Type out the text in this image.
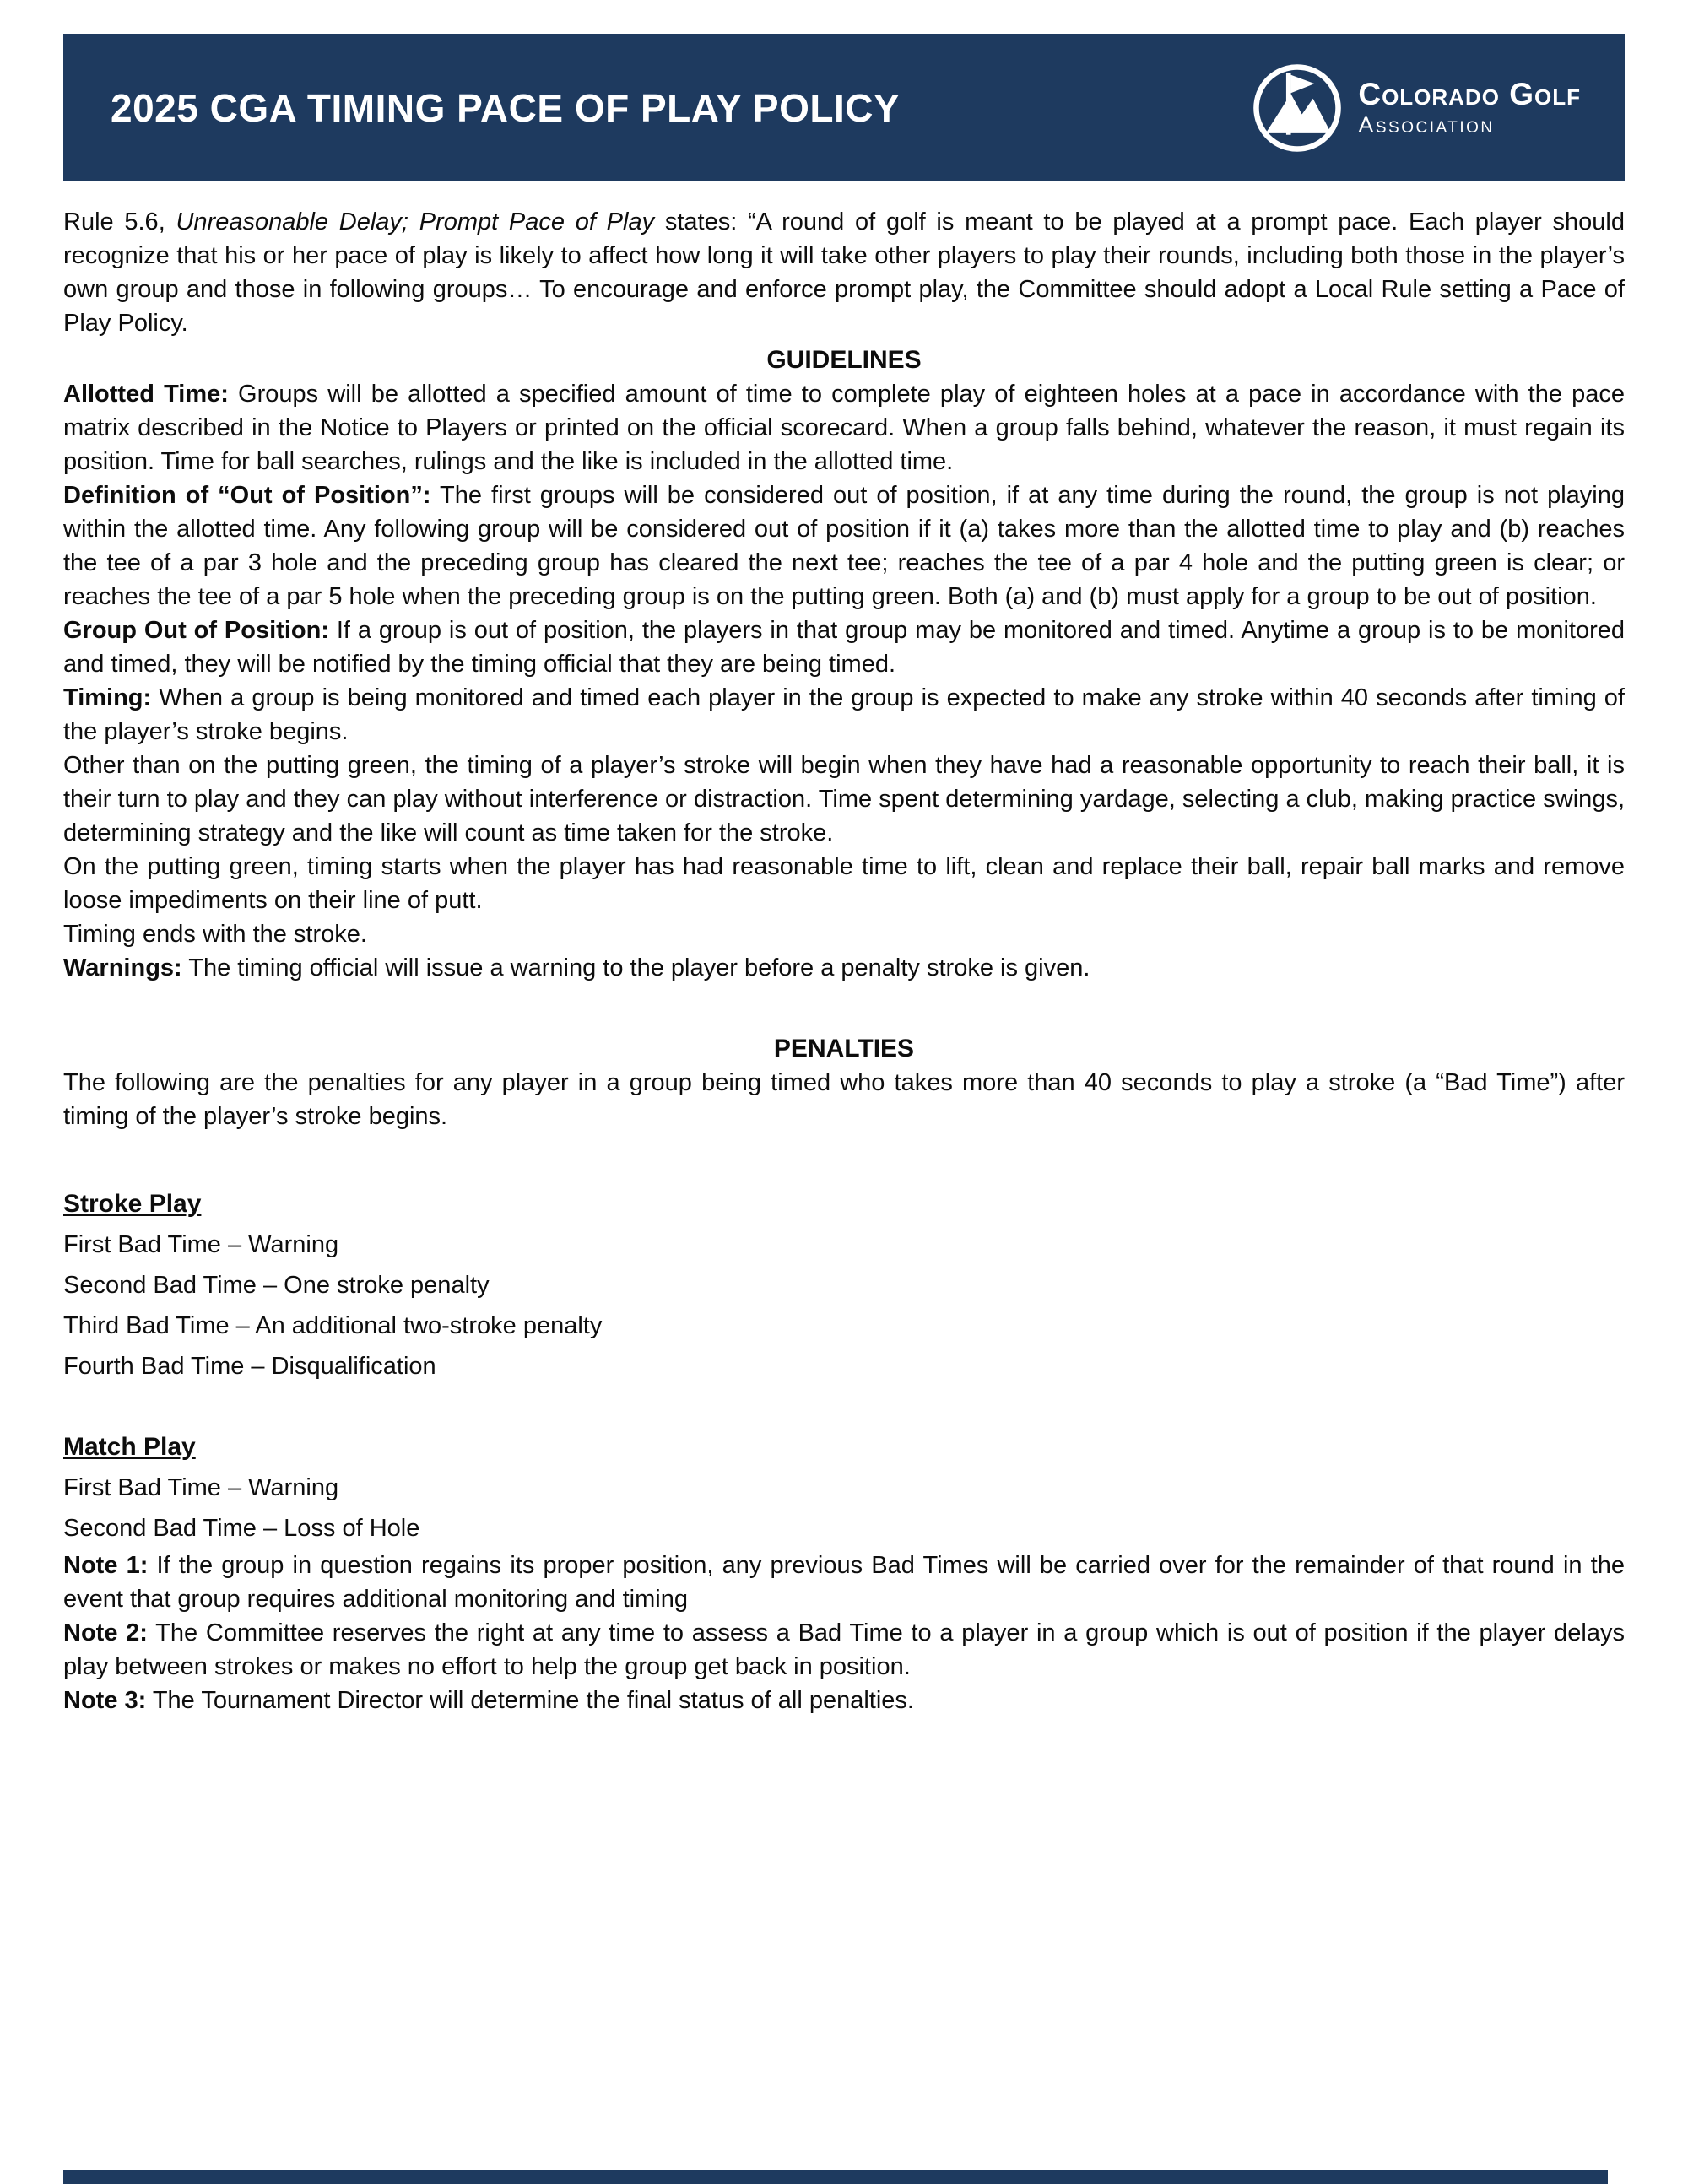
2025 CGA TIMING PACE OF PLAY POLICY	Colorado Golf
Association

Rule 5.6, Unreasonable Delay; Prompt Pace of Play states: “A round of golf is meant to be played at a prompt pace. Each player should recognize that his or her pace of play is likely to affect how long it will take other players to play their rounds, including both those in the player’s own group and those in following groups… To encourage and enforce prompt play, the Committee should adopt a Local Rule setting a Pace of Play Policy.

GUIDELINES

Allotted Time: Groups will be allotted a specified amount of time to complete play of eighteen holes at a pace in accordance with the pace matrix described in the Notice to Players or printed on the official scorecard. When a group falls behind, whatever the reason, it must regain its position. Time for ball searches, rulings and the like is included in the allotted time.

Definition of “Out of Position”: The first groups will be considered out of position, if at any time during the round, the group is not playing within the allotted time. Any following group will be considered out of position if it (a) takes more than the allotted time to play and (b) reaches the tee of a par 3 hole and the preceding group has cleared the next tee; reaches the tee of a par 4 hole and the putting green is clear; or reaches the tee of a par 5 hole when the preceding group is on the putting green. Both (a) and (b) must apply for a group to be out of position.

Group Out of Position: If a group is out of position, the players in that group may be monitored and timed. Anytime a group is to be monitored and timed, they will be notified by the timing official that they are being timed.

Timing: When a group is being monitored and timed each player in the group is expected to make any stroke within 40 seconds after timing of the player’s stroke begins.

Other than on the putting green, the timing of a player’s stroke will begin when they have had a reasonable opportunity to reach their ball, it is their turn to play and they can play without interference or distraction. Time spent determining yardage, selecting a club, making practice swings, determining strategy and the like will count as time taken for the stroke.

On the putting green, timing starts when the player has had reasonable time to lift, clean and replace their ball, repair ball marks and remove loose impediments on their line of putt.

Timing ends with the stroke.

Warnings: The timing official will issue a warning to the player before a penalty stroke is given.

PENALTIES

The following are the penalties for any player in a group being timed who takes more than 40 seconds to play a stroke (a “Bad Time”) after timing of the player’s stroke begins.

Stroke Play
First Bad Time – Warning
Second Bad Time – One stroke penalty
Third Bad Time – An additional two-stroke penalty
Fourth Bad Time – Disqualification
Match Play
First Bad Time – Warning
Second Bad Time – Loss of Hole

Note 1: If the group in question regains its proper position, any previous Bad Times will be carried over for the remainder of that round in the event that group requires additional monitoring and timing

Note 2: The Committee reserves the right at any time to assess a Bad Time to a player in a group which is out of position if the player delays play between strokes or makes no effort to help the group get back in position.

Note 3: The Tournament Director will determine the final status of all penalties.
